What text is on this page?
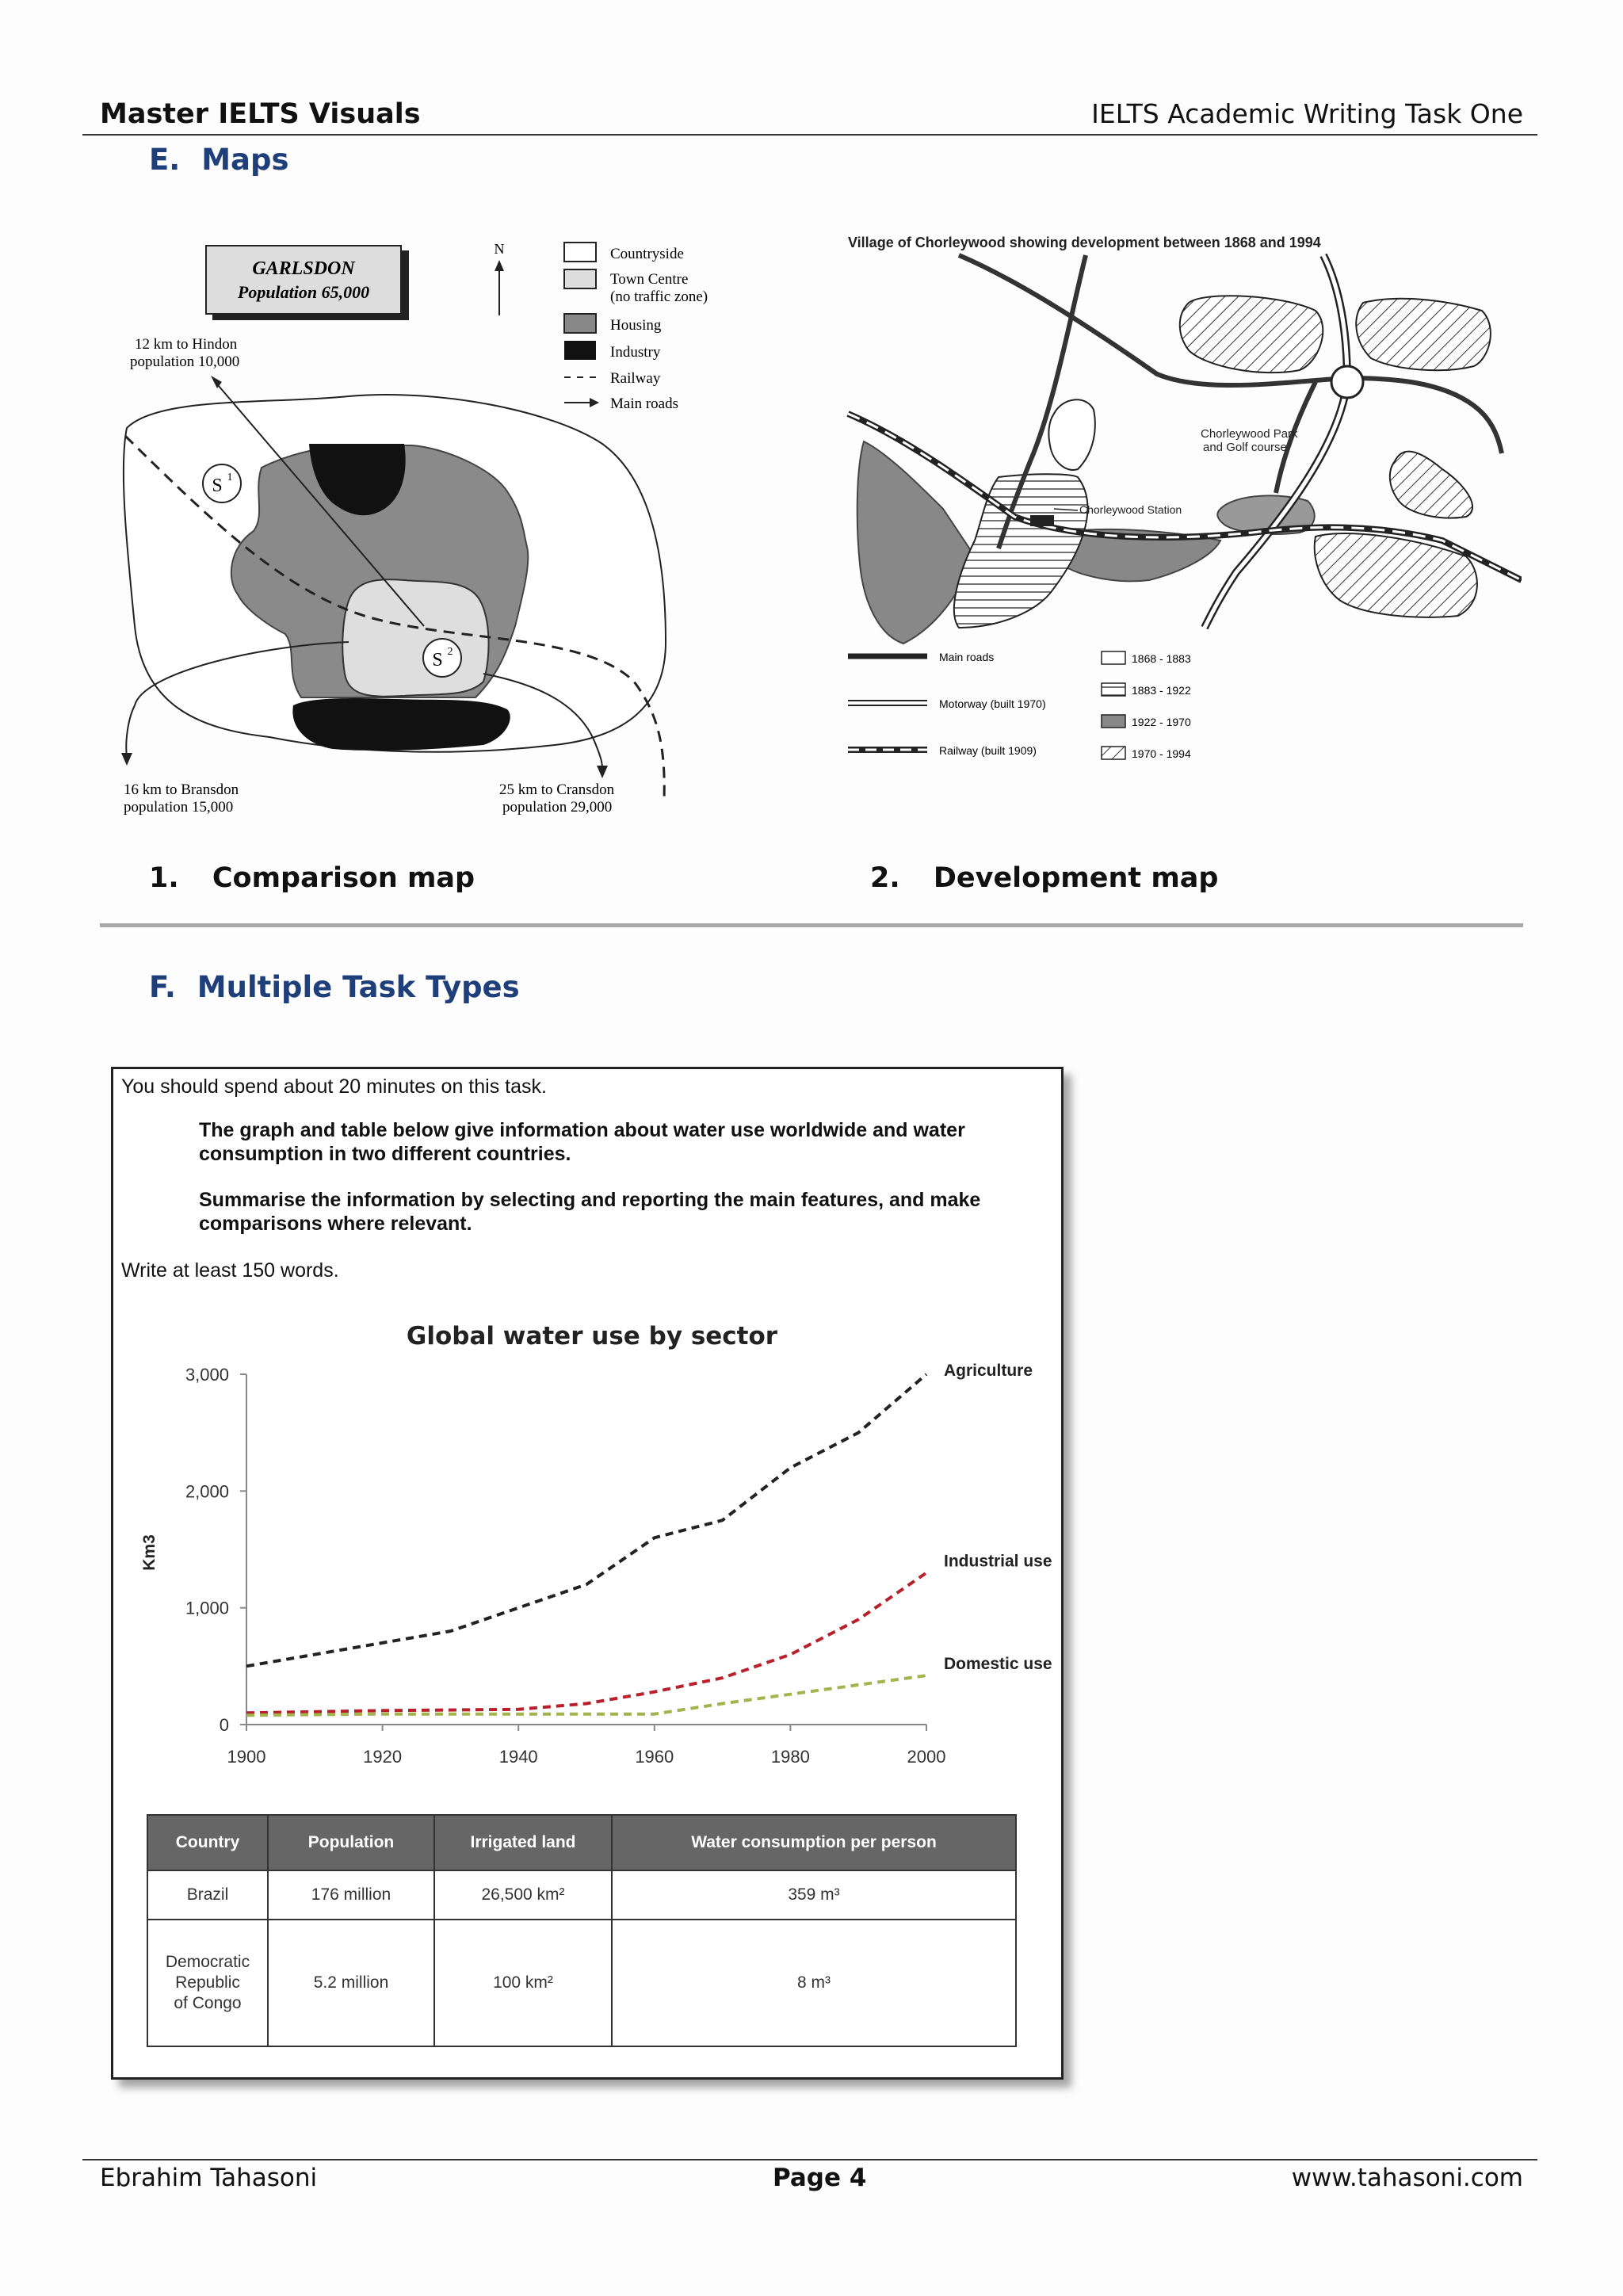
Master IELTS Visuals	IELTS Academic Writing Task One
E. Maps
GARLSDON
Population 65,000
N	Countryside
Town Centre
(no traffic zone)
Housing
Industry
Railway
Main roads
12 km to Hindon
population 10,000
S 1
S 2
16 km to Bransdon
population 15,000
25 km to Cransdon
population 29,000
Village of Chorleywood showing development between 1868 and 1994
Chorleywood Station
Chorleywood Park
and Golf course
Main roads
Motorway (built 1970)
Railway (built 1909)
1868 - 1883
1883 - 1922
1922 - 1970
1970 - 1994
1. Comparison map	2. Development map
F. Multiple Task Types
You should spend about 20 minutes on this task.
The graph and table below give information about water use worldwide and water
consumption in two different countries.
Summarise the information by selecting and reporting the main features, and make
comparisons where relevant.
Write at least 150 words.
Global water use by sector
Km3
0
1,000
2,000
3,000
1900	1920	1940	1960	1980	2000
Agriculture
Industrial use
Domestic use
Country	Population	Irrigated land	Water consumption per person
Brazil	176 million	26,500 km²	359 m³

Democratic
Republic
of Congo	5.2 million	100 km²	8 m³
Ebrahim Tahasoni	Page 4	www.tahasoni.com
